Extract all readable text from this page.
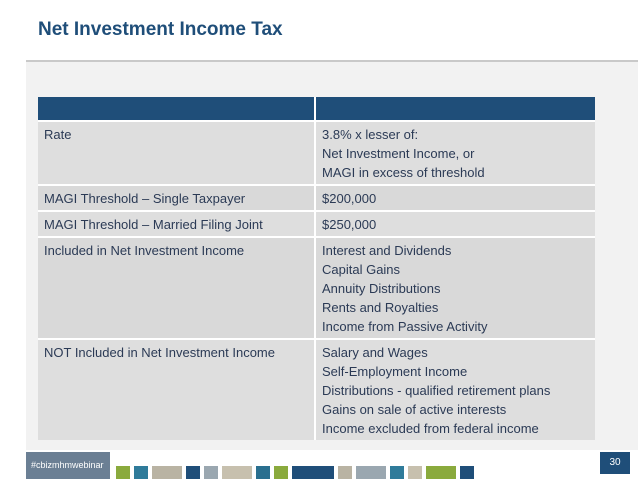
Net Investment Income Tax

Rate	3.8% x lesser of:
Net Investment Income, or
MAGI in excess of threshold

MAGI Threshold – Single Taxpayer	$200,000

MAGI Threshold – Married Filing Joint	$250,000

Included in Net Investment Income	Interest and Dividends
Capital Gains
Annuity Distributions
Rents and Royalties
Income from Passive Activity

NOT Included in Net Investment Income	Salary and Wages
Self-Employment Income
Distributions - qualified retirement plans
Gains on sale of active interests
Income excluded from federal income
#cbizmhmwebinar	30
